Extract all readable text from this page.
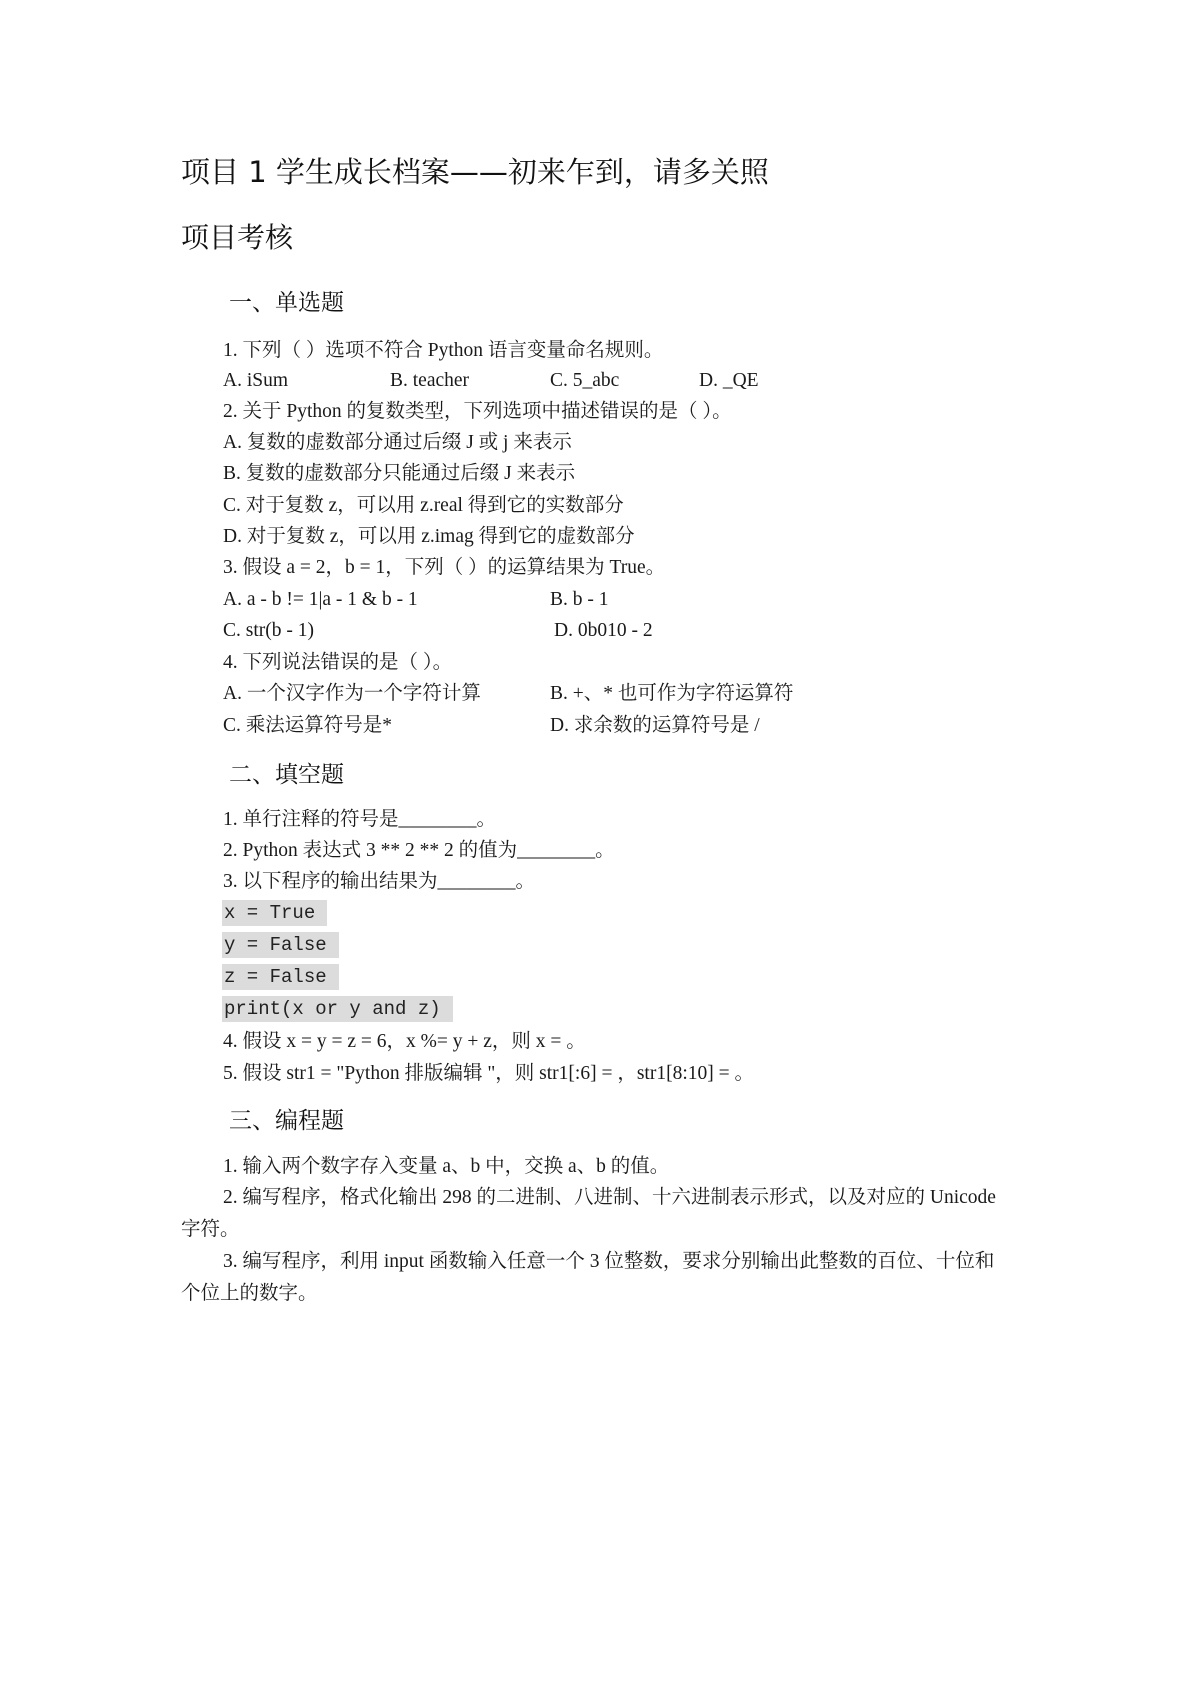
项目 1 学生成长档案——初来乍到，请多关照
项目考核
一、单选题
1. 下列（ ）选项不符合 Python 语言变量命名规则。
A. iSum	B. teacher	C. 5_abc	D. _QE
2. 关于 Python 的复数类型，下列选项中描述错误的是（ ）。
A. 复数的虚数部分通过后缀 J 或 j 来表示
B. 复数的虚数部分只能通过后缀 J 来表示
C. 对于复数 z，可以用 z.real 得到它的实数部分
D. 对于复数 z，可以用 z.imag 得到它的虚数部分
3. 假设 a = 2，b = 1，下列（ ）的运算结果为 True。
A. a - b != 1|a - 1 & b - 1	B. b - 1
C. str(b - 1)	D. 0b010 - 2
4. 下列说法错误的是（ ）。
A. 一个汉字作为一个字符计算	B. +、* 也可作为字符运算符
C. 乘法运算符号是*	D. 求余数的运算符号是 /
二、填空题
1. 单行注释的符号是________。
2. Python 表达式 3 ** 2 ** 2 的值为________。
3. 以下程序的输出结果为________。
x = True
y = False
z = False
print(x or y and z)
4. 假设 x = y = z = 6，x %= y + z，则 x = 。
5. 假设 str1 = "Python 排版编辑 "，则 str1[:6] = ，str1[8:10] = 。
三、编程题
1. 输入两个数字存入变量 a、b 中，交换 a、b 的值。
2. 编写程序，格式化输出 298 的二进制、八进制、十六进制表示形式，以及对应的 Unicode 字符。
3. 编写程序，利用 input 函数输入任意一个 3 位整数，要求分别输出此整数的百位、十位和个位上的数字。
